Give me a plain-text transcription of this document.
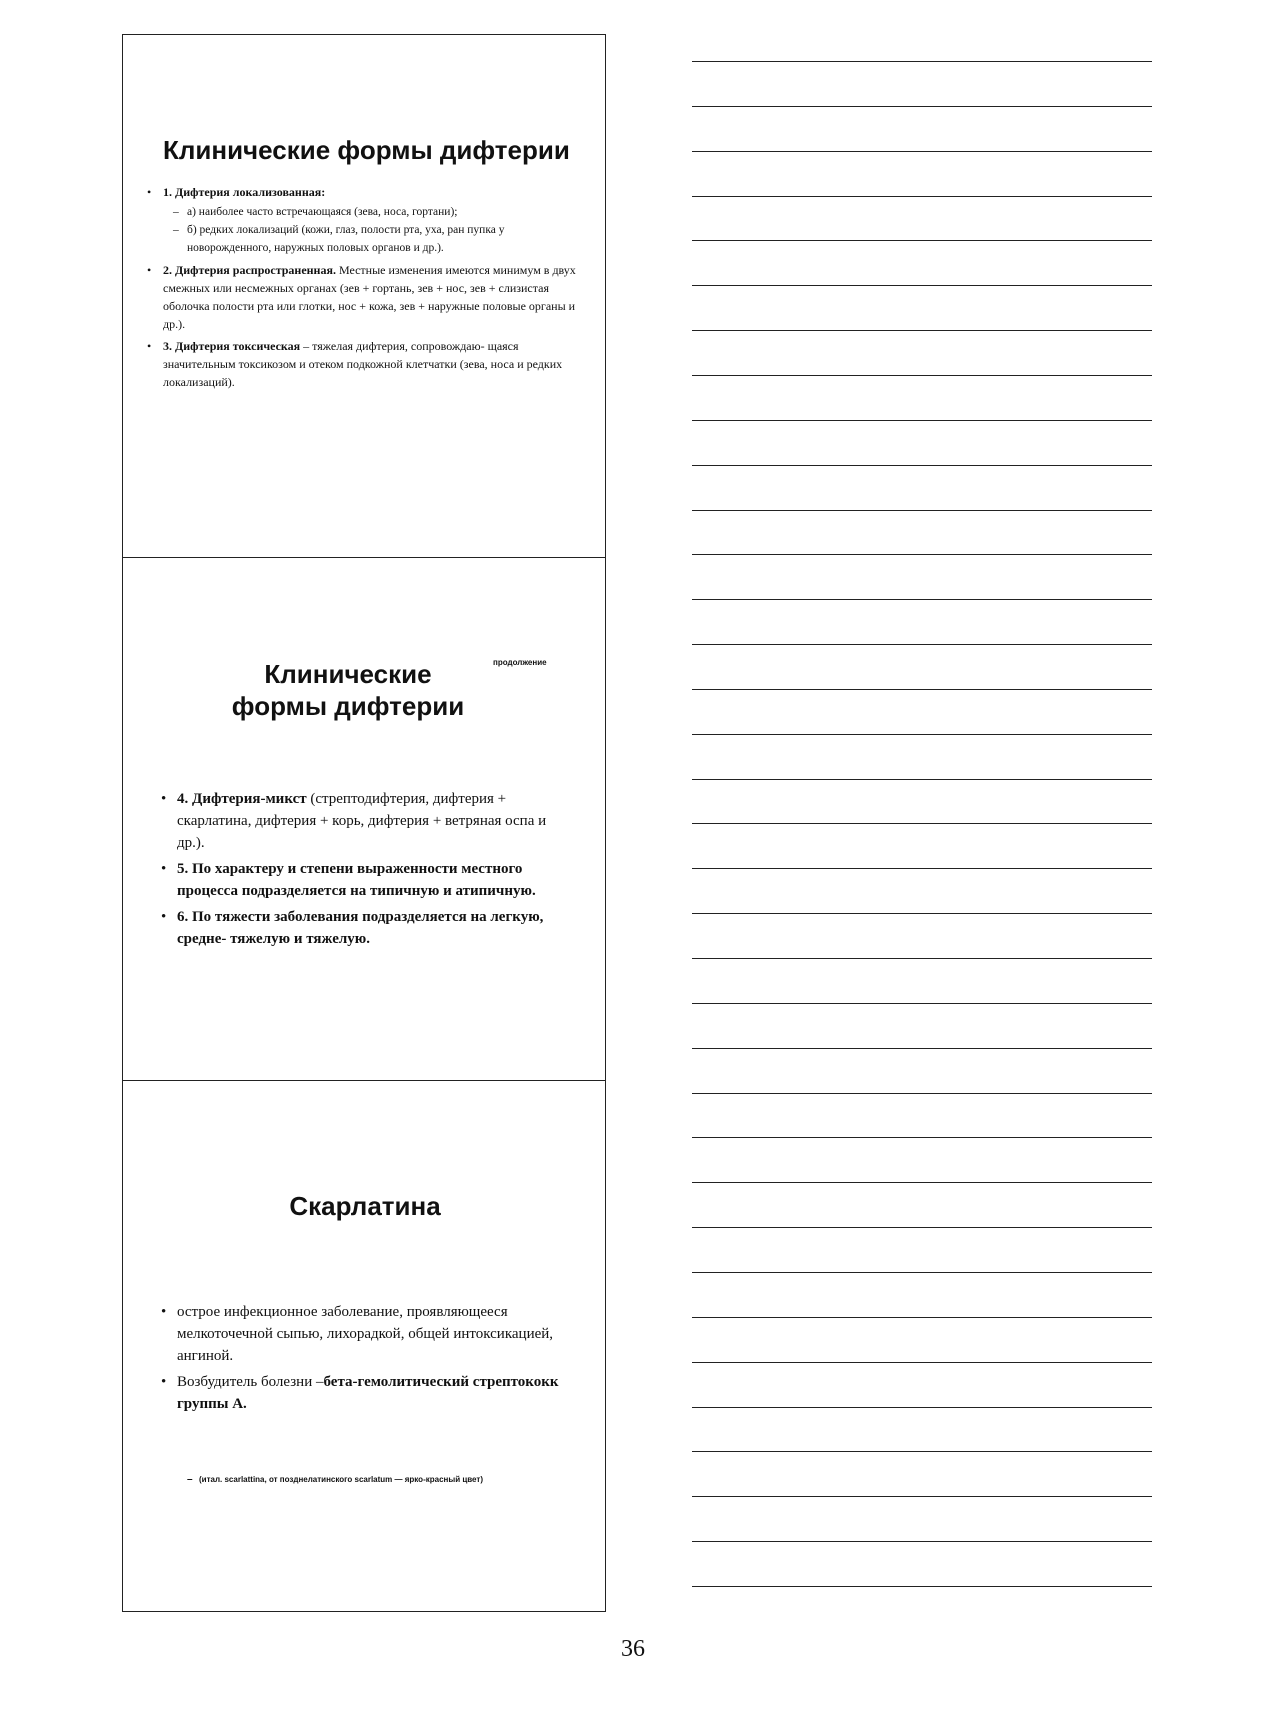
Клинические формы дифтерии
• 1. Дифтерия локализованная:
– а) наиболее часто встречающаяся (зева, носа, гортани);
– б) редких локализаций (кожи, глаз, полости рта, уха, ран пупка у новорожденного, наружных половых органов и др.).
• 2. Дифтерия распространенная. Местные изменения имеются минимум в двух смежных или несмежных органах (зев + гортань, зев + нос, зев + слизистая оболочка полости рта или глотки, нос + кожа, зев + наружные половые органы и др.).
• 3. Дифтерия токсическая – тяжелая дифтерия, сопровождаю- щаяся значительным токсикозом и отеком подкожной клетчатки (зева, носа и редких локализаций).
Клинические формы дифтерии
продолжение
• 4. Дифтерия-микст (стрептодифтерия, дифтерия + скарлатина, дифтерия + корь, дифтерия + ветряная оспа и др.).
• 5. По характеру и степени выраженности местного процесса подразделяется на типичную и атипичную.
• 6. По тяжести заболевания подразделяется на легкую, средне- тяжелую и тяжелую.
Скарлатина
• острое инфекционное заболевание, проявляющееся мелкоточечной сыпью, лихорадкой, общей интоксикацией, ангиной.
• Возбудитель болезни –бета-гемолитический стрептококк группы А.
– (итал. scarlattina, от позднелатинского scarlatum — ярко-красный цвет)
36
